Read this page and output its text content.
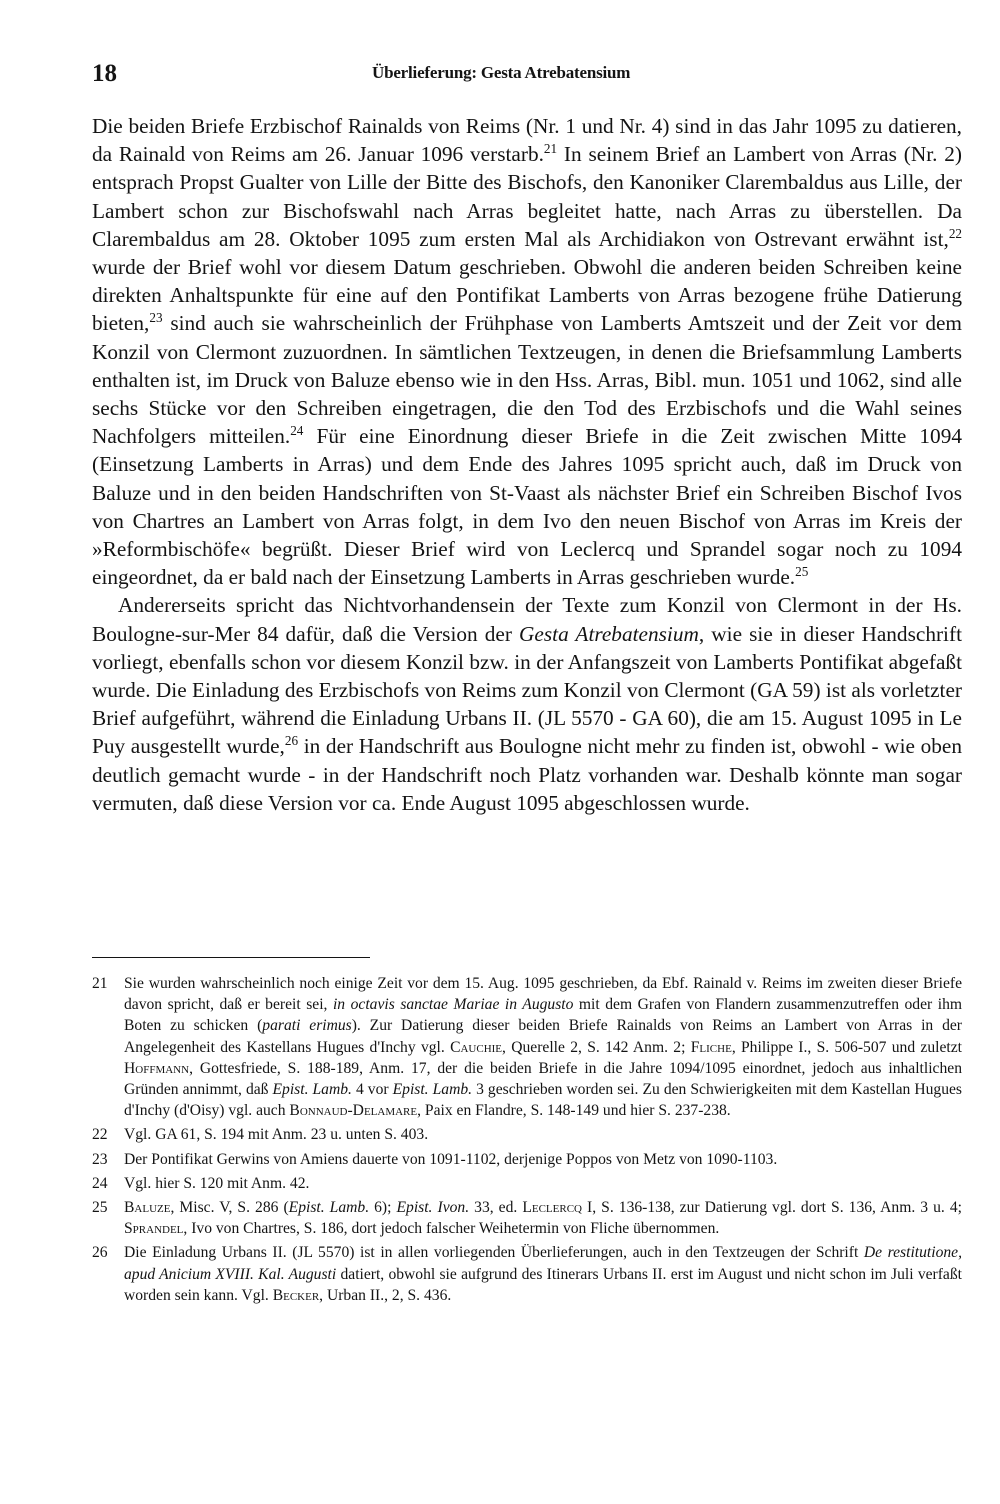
18	Überlieferung: Gesta Atrebatensium

Die beiden Briefe Erzbischof Rainalds von Reims (Nr. 1 und Nr. 4) sind in das Jahr 1095 zu datieren, da Rainald von Reims am 26. Januar 1096 verstarb.$^{21}$ In seinem Brief an Lambert von Arras (Nr. 2) entsprach Propst Gualter von Lille der Bitte des Bischofs, den Kanoniker Clarembaldus aus Lille, der Lambert schon zur Bischofswahl nach Arras begleitet hatte, nach Arras zu überstellen. Da Clarembaldus am 28. Oktober 1095 zum ersten Mal als Archidiakon von Ostrevant erwähnt ist,$^{22}$ wurde der Brief wohl vor diesem Datum geschrieben. Obwohl die anderen beiden Schreiben keine direkten Anhaltspunkte für eine auf den Pontifikat Lamberts von Arras bezogene frühe Datierung bieten,$^{23}$ sind auch sie wahrscheinlich der Frühphase von Lamberts Amtszeit und der Zeit vor dem Konzil von Clermont zuzuordnen. In sämtlichen Textzeugen, in denen die Briefsammlung Lamberts enthalten ist, im Druck von Baluze ebenso wie in den Hss. Arras, Bibl. mun. 1051 und 1062, sind alle sechs Stücke vor den Schreiben eingetragen, die den Tod des Erzbischofs und die Wahl seines Nachfolgers mitteilen.$^{24}$ Für eine Einordnung dieser Briefe in die Zeit zwischen Mitte 1094 (Einsetzung Lamberts in Arras) und dem Ende des Jahres 1095 spricht auch, daß im Druck von Baluze und in den beiden Handschriften von St-Vaast als nächster Brief ein Schreiben Bischof Ivos von Chartres an Lambert von Arras folgt, in dem Ivo den neuen Bischof von Arras im Kreis der »Reformbischöfe« begrüßt. Dieser Brief wird von Leclercq und Sprandel sogar noch zu 1094 eingeordnet, da er bald nach der Einsetzung Lamberts in Arras geschrieben wurde.$^{25}$

Andererseits spricht das Nichtvorhandensein der Texte zum Konzil von Clermont in der Hs. Boulogne-sur-Mer 84 dafür, daß die Version der Gesta Atrebatensium, wie sie in dieser Handschrift vorliegt, ebenfalls schon vor diesem Konzil bzw. in der Anfangszeit von Lamberts Pontifikat abgefaßt wurde. Die Einladung des Erzbischofs von Reims zum Konzil von Clermont (GA 59) ist als vorletzter Brief aufgeführt, während die Einladung Urbans II. (JL 5570 - GA 60), die am 15. August 1095 in Le Puy ausgestellt wurde,$^{26}$ in der Handschrift aus Boulogne nicht mehr zu finden ist, obwohl - wie oben deutlich gemacht wurde - in der Handschrift noch Platz vorhanden war. Deshalb könnte man sogar vermuten, daß diese Version vor ca. Ende August 1095 abgeschlossen wurde.

21	Sie wurden wahrscheinlich noch einige Zeit vor dem 15. Aug. 1095 geschrieben, da Ebf. Rainald v. Reims im zweiten dieser Briefe davon spricht, daß er bereit sei, in octavis sanctae Mariae in Augusto mit dem Grafen von Flandern zusammenzutreffen oder ihm Boten zu schicken (parati erimus). Zur Datierung dieser beiden Briefe Rainalds von Reims an Lambert von Arras in der Angelegenheit des Kastellans Hugues d'Inchy vgl. Cauchie, Querelle 2, S. 142 Anm. 2; Fliche, Philippe I., S. 506-507 und zuletzt Hoffmann, Gottesfriede, S. 188-189, Anm. 17, der die beiden Briefe in die Jahre 1094/1095 einordnet, jedoch aus inhaltlichen Gründen annimmt, daß Epist. Lamb. 4 vor Epist. Lamb. 3 geschrieben worden sei. Zu den Schwierigkeiten mit dem Kastellan Hugues d'Inchy (d'Oisy) vgl. auch Bonnaud-Delamare, Paix en Flandre, S. 148-149 und hier S. 237-238.
22	Vgl. GA 61, S. 194 mit Anm. 23 u. unten S. 403.
23	Der Pontifikat Gerwins von Amiens dauerte von 1091-1102, derjenige Poppos von Metz von 1090-1103.
24	Vgl. hier S. 120 mit Anm. 42.
25	Baluze, Misc. V, S. 286 (Epist. Lamb. 6); Epist. Ivon. 33, ed. Leclercq I, S. 136-138, zur Datierung vgl. dort S. 136, Anm. 3 u. 4; Sprandel, Ivo von Chartres, S. 186, dort jedoch falscher Weihetermin von Fliche übernommen.
26	Die Einladung Urbans II. (JL 5570) ist in allen vorliegenden Überlieferungen, auch in den Textzeugen der Schrift De restitutione, apud Anicium XVIII. Kal. Augusti datiert, obwohl sie aufgrund des Itinerars Urbans II. erst im August und nicht schon im Juli verfaßt worden sein kann. Vgl. Becker, Urban II., 2, S. 436.
